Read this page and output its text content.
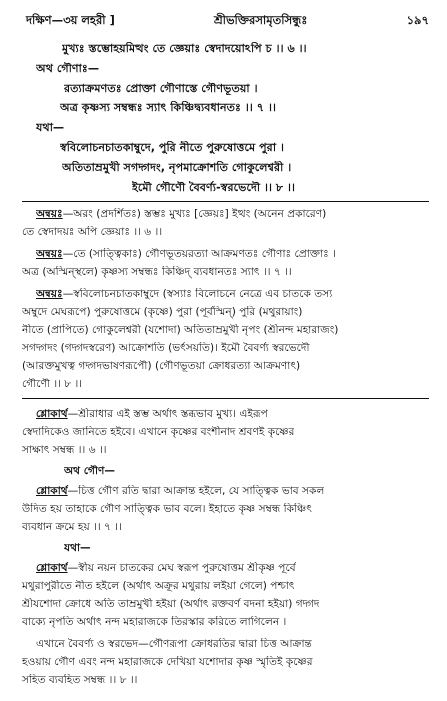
দক্ষিণ—৩য় লহরী ]	শ্রীভক্তিরসামৃতসিন্ধুঃ	১৯৭
মুখ্যঃ স্তম্ভোহয়মিত্থং তে জ্ঞেয়াঃ স্বেদাদয়োঽপি চ ।। ৬ ।।
অথ গৌণাঃ—
রত্যাক্রমণতঃ প্রোক্তা গৌণাস্তে গৌণভূতয়া ।
অত্র কৃষ্ণস্য সম্বন্ধঃ স্যাৎ কিঞ্চিদ্ব্যবধানতঃ ।। ৭ ।।
যথা—
স্ববিলোচনচাতকাম্বুদে, পুরি নীতে পুরুষোত্তমে পুরা ।
অতিতাম্রমুখী সগদ্গদং, নৃপমাক্রোশতি গোকুলেশ্বরী ।
ইমৌ গৌণৌ বৈবর্ণ্য-স্বরভেদৌ ।। ৮ ।।
অন্বয়ঃ—অরং (প্রদর্শিতঃ) স্তম্ভঃ মুখ্যঃ [জ্ঞেয়ঃ] ইত্থং (অনেন প্রকারেণ)
তে স্বেদাদয়ঃ অপি জ্ঞেয়াঃ ।। ৬ ।।
অন্বয়ঃ—তে (সাত্ত্বিকাঃ) গৌণভূতয়রত্যা আক্রমণতঃ গৌণাঃ প্রোক্তাঃ ।
অত্র (অস্মিন্স্থলে) কৃষ্ণস্য সম্বন্ধঃ কিঞ্চিদ্ ব্যবধানতঃ স্যাৎ ।। ৭ ।।
অন্বয়ঃ—স্ববিলোচনচাতকাম্বুদে (স্বস্যাঃ বিলোচনে নেত্রে এব চাতকে তস্য
অম্বুদে মেঘরূপে) পুরুষোত্তমে (কৃষ্ণে) পুরা (পূর্বস্মিন্) পুরি (মথুরায়াং)
নীতে (প্রাপিতে) গোকুলেশ্বরী (যশোদা) অতিতাম্রমুখী নৃপং (শ্রীনন্দ মহারাজং)
সগদ্গদং (গদ্গদস্বরেণ) আক্রোশতি (ভর্ৎসয়তি)। ইমৌ বৈবর্ণ্য স্বরভেদৌ
(আরক্তমুখত্ব গদ্গদভাষণরূপৌ) (গৌণভূতয়া ক্রোধরত্যা আক্রমণাৎ)
গৌণৌ ।। ৮ ।।
শ্লোকার্থ—শ্রীরাধার এই স্তম্ভ অর্থাৎ স্তব্ধভাব মুখ্য। এইরূপ
স্বেদাদিকেও জানিতে হইবে। এখানে কৃষ্ণের বংশীনাদ শ্রবণই কৃষ্ণের
সাক্ষাৎ সম্বন্ধ ।। ৬ ।।
অথ গৌণ—
শ্লোকার্থ—চিত্ত গৌণ রতি দ্বারা আক্রান্ত হইলে, যে সাত্ত্বিক ভাব সকল
উদিত হয় তাহাকে গৌণ সাত্ত্বিক ভাব বলে। ইহাতে কৃষ্ণ সম্বন্ধ কিঞ্চিৎ
ব্যবধান ক্রমে হয় ।। ৭ ।।
যথা—
শ্লোকার্থ—স্বীয় নয়ন চাতকের মেঘ স্বরূপ পুরুষোত্তম শ্রীকৃষ্ণ পূর্বে
মথুরাপুরীতে নীত হইলে (অর্থাৎ অক্রূর মথুরায় লইয়া গেলে) পশ্চাৎ
শ্রীযশোদা ক্রোধে অতি তাম্রমুখী হইয়া (অর্থাৎ রক্তবর্ণ বদনা হইয়া) গদ্গদ
বাক্যে নৃপতি অর্থাৎ নন্দ মহারাজকে তিরস্কার করিতে লাগিলেন ।
এখানে বৈবর্ণ্য ও স্বরভেদ—গৌণরূপা ক্রোধরতির দ্বারা চিত্ত আক্রান্ত
হওয়ায় গৌণ এবং নন্দ মহারাজকে দেখিয়া যশোদার কৃষ্ণ স্মৃতিই কৃষ্ণের
সহিত ব্যবহিত সম্বন্ধ ।। ৮ ।।
